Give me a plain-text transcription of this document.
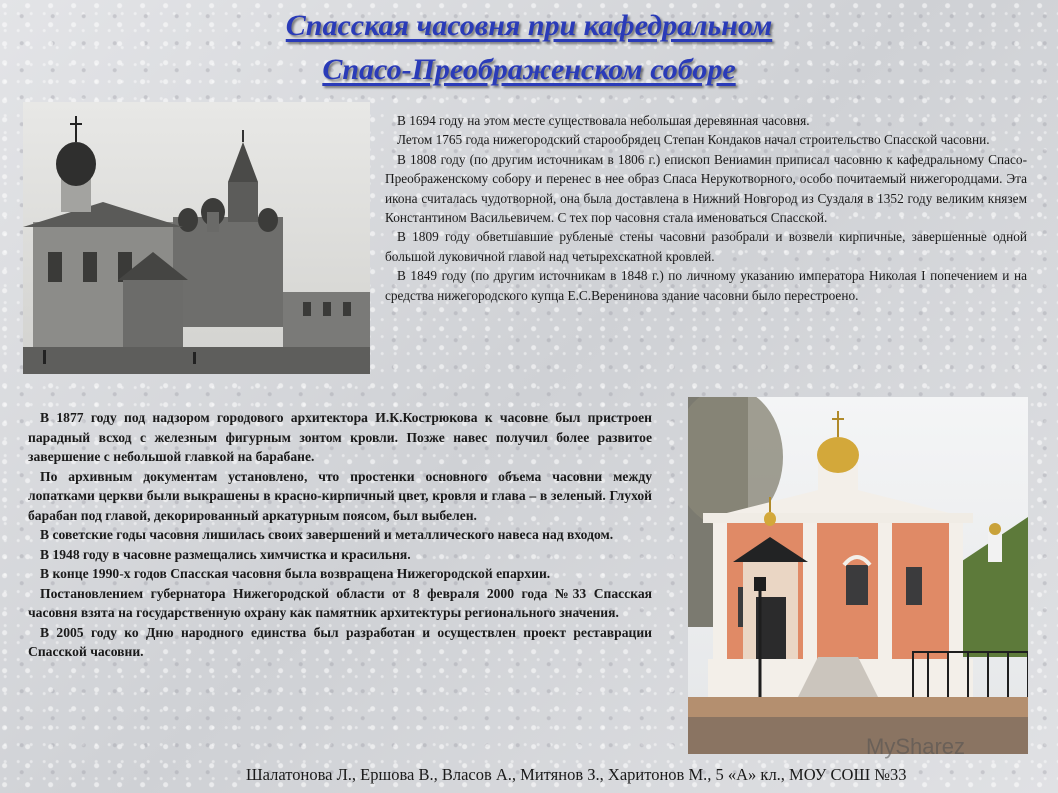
Спасская часовня при кафедральном
Спасо-Преображенском соборе

В 1694 году на этом месте существовала небольшая деревянная часовня.

Летом 1765 года нижегородский старообрядец Степан Кондаков начал строительство Спасской часовни.

В 1808 году (по другим источникам в 1806 г.) епископ Вениамин приписал часовню к кафедральному Спасо-Преображенскому собору и перенес в нее образ Спаса Нерукотворного, особо почитаемый нижегородцами. Эта икона считалась чудотворной, она была доставлена в Нижний Новгород из Суздаля в 1352 году великим князем Константином Васильевичем. С тех пор часовня стала именоваться Спасской.

В 1809 году обветшавшие рубленые стены часовни разобрали и возвели кирпичные, завершенные одной большой луковичной главой над четырехскатной кровлей.

В 1849 году (по другим источникам в 1848 г.) по личному указанию императора Николая I попечением и на средства нижегородского купца Е.С.Веренинова здание часовни было перестроено.

В 1877 году под надзором городового архитектора И.К.Кострюкова к часовне был пристроен парадный всход с железным фигурным зонтом кровли. Позже навес получил более развитое завершение с небольшой главкой на барабане.

По архивным документам установлено, что простенки основного объема часовни между лопатками церкви были выкрашены в красно-кирпичный цвет, кровля и глава – в зеленый. Глухой барабан под главой, декорированный аркатурным поясом, был выбелен.

В советские годы часовня лишилась своих завершений и металлического навеса над входом.

В 1948 году в часовне размещались химчистка и красильня.

В конце 1990-х годов Спасская часовня была возвращена Нижегородской епархии.

Постановлением губернатора Нижегородской области от 8 февраля 2000 года №33 Спасская часовня взята на государственную охрану как памятник архитектуры регионального значения.

В 2005 году ко Дню народного единства был разработан и осуществлен проект реставрации Спасской часовни.

MySharez
Шалатонова Л., Ершова В., Власов А., Митянов З., Харитонов М., 5 «А» кл., МОУ СОШ №33
